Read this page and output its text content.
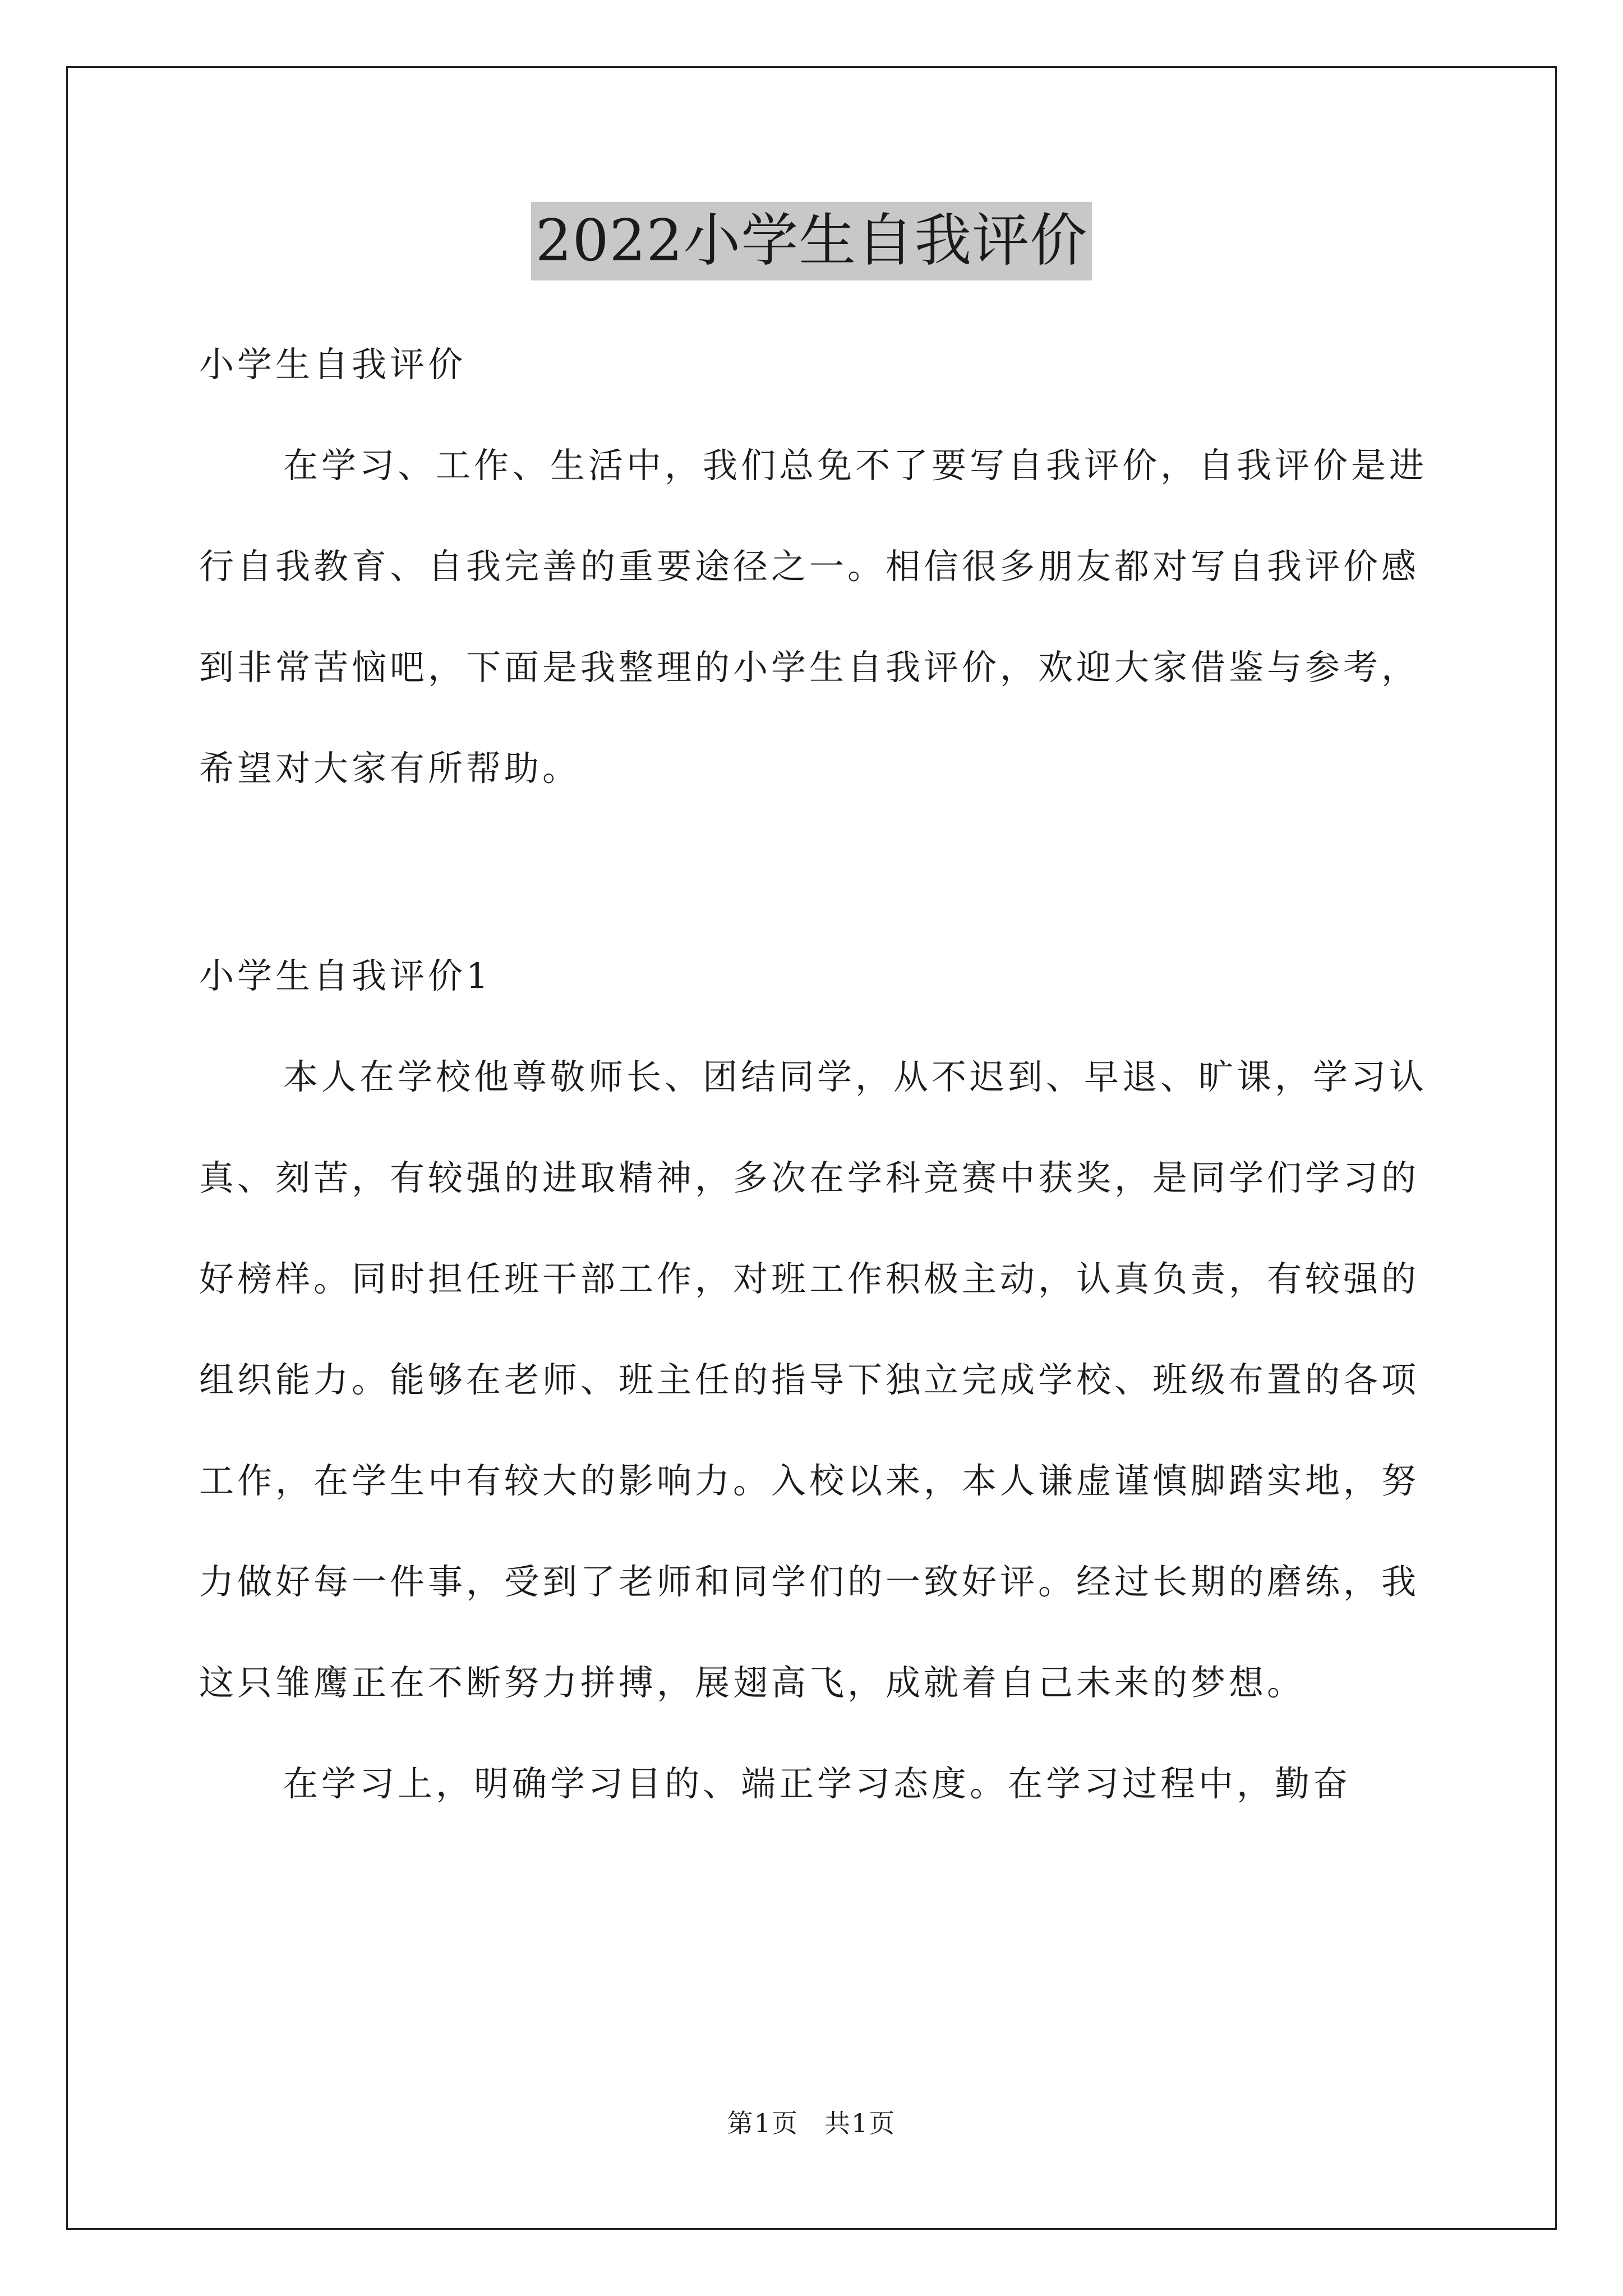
2022小学生自我评价

小学生自我评价

在学习、工作、生活中，我们总免不了要写自我评价，自我评价是进行自我教育、自我完善的重要途径之一。相信很多朋友都对写自我评价感到非常苦恼吧，下面是我整理的小学生自我评价，欢迎大家借鉴与参考，希望对大家有所帮助。

小学生自我评价1

本人在学校他尊敬师长、团结同学，从不迟到、早退、旷课，学习认真、刻苦，有较强的进取精神，多次在学科竞赛中获奖，是同学们学习的好榜样。同时担任班干部工作，对班工作积极主动，认真负责，有较强的组织能力。能够在老师、班主任的指导下独立完成学校、班级布置的各项工作，在学生中有较大的影响力。入校以来，本人谦虚谨慎脚踏实地，努力做好每一件事，受到了老师和同学们的一致好评。经过长期的磨练，我这只雏鹰正在不断努力拼搏，展翅高飞，成就着自己未来的梦想。

在学习上，明确学习目的、端正学习态度。在学习过程中，勤奋

第1页 共1页
